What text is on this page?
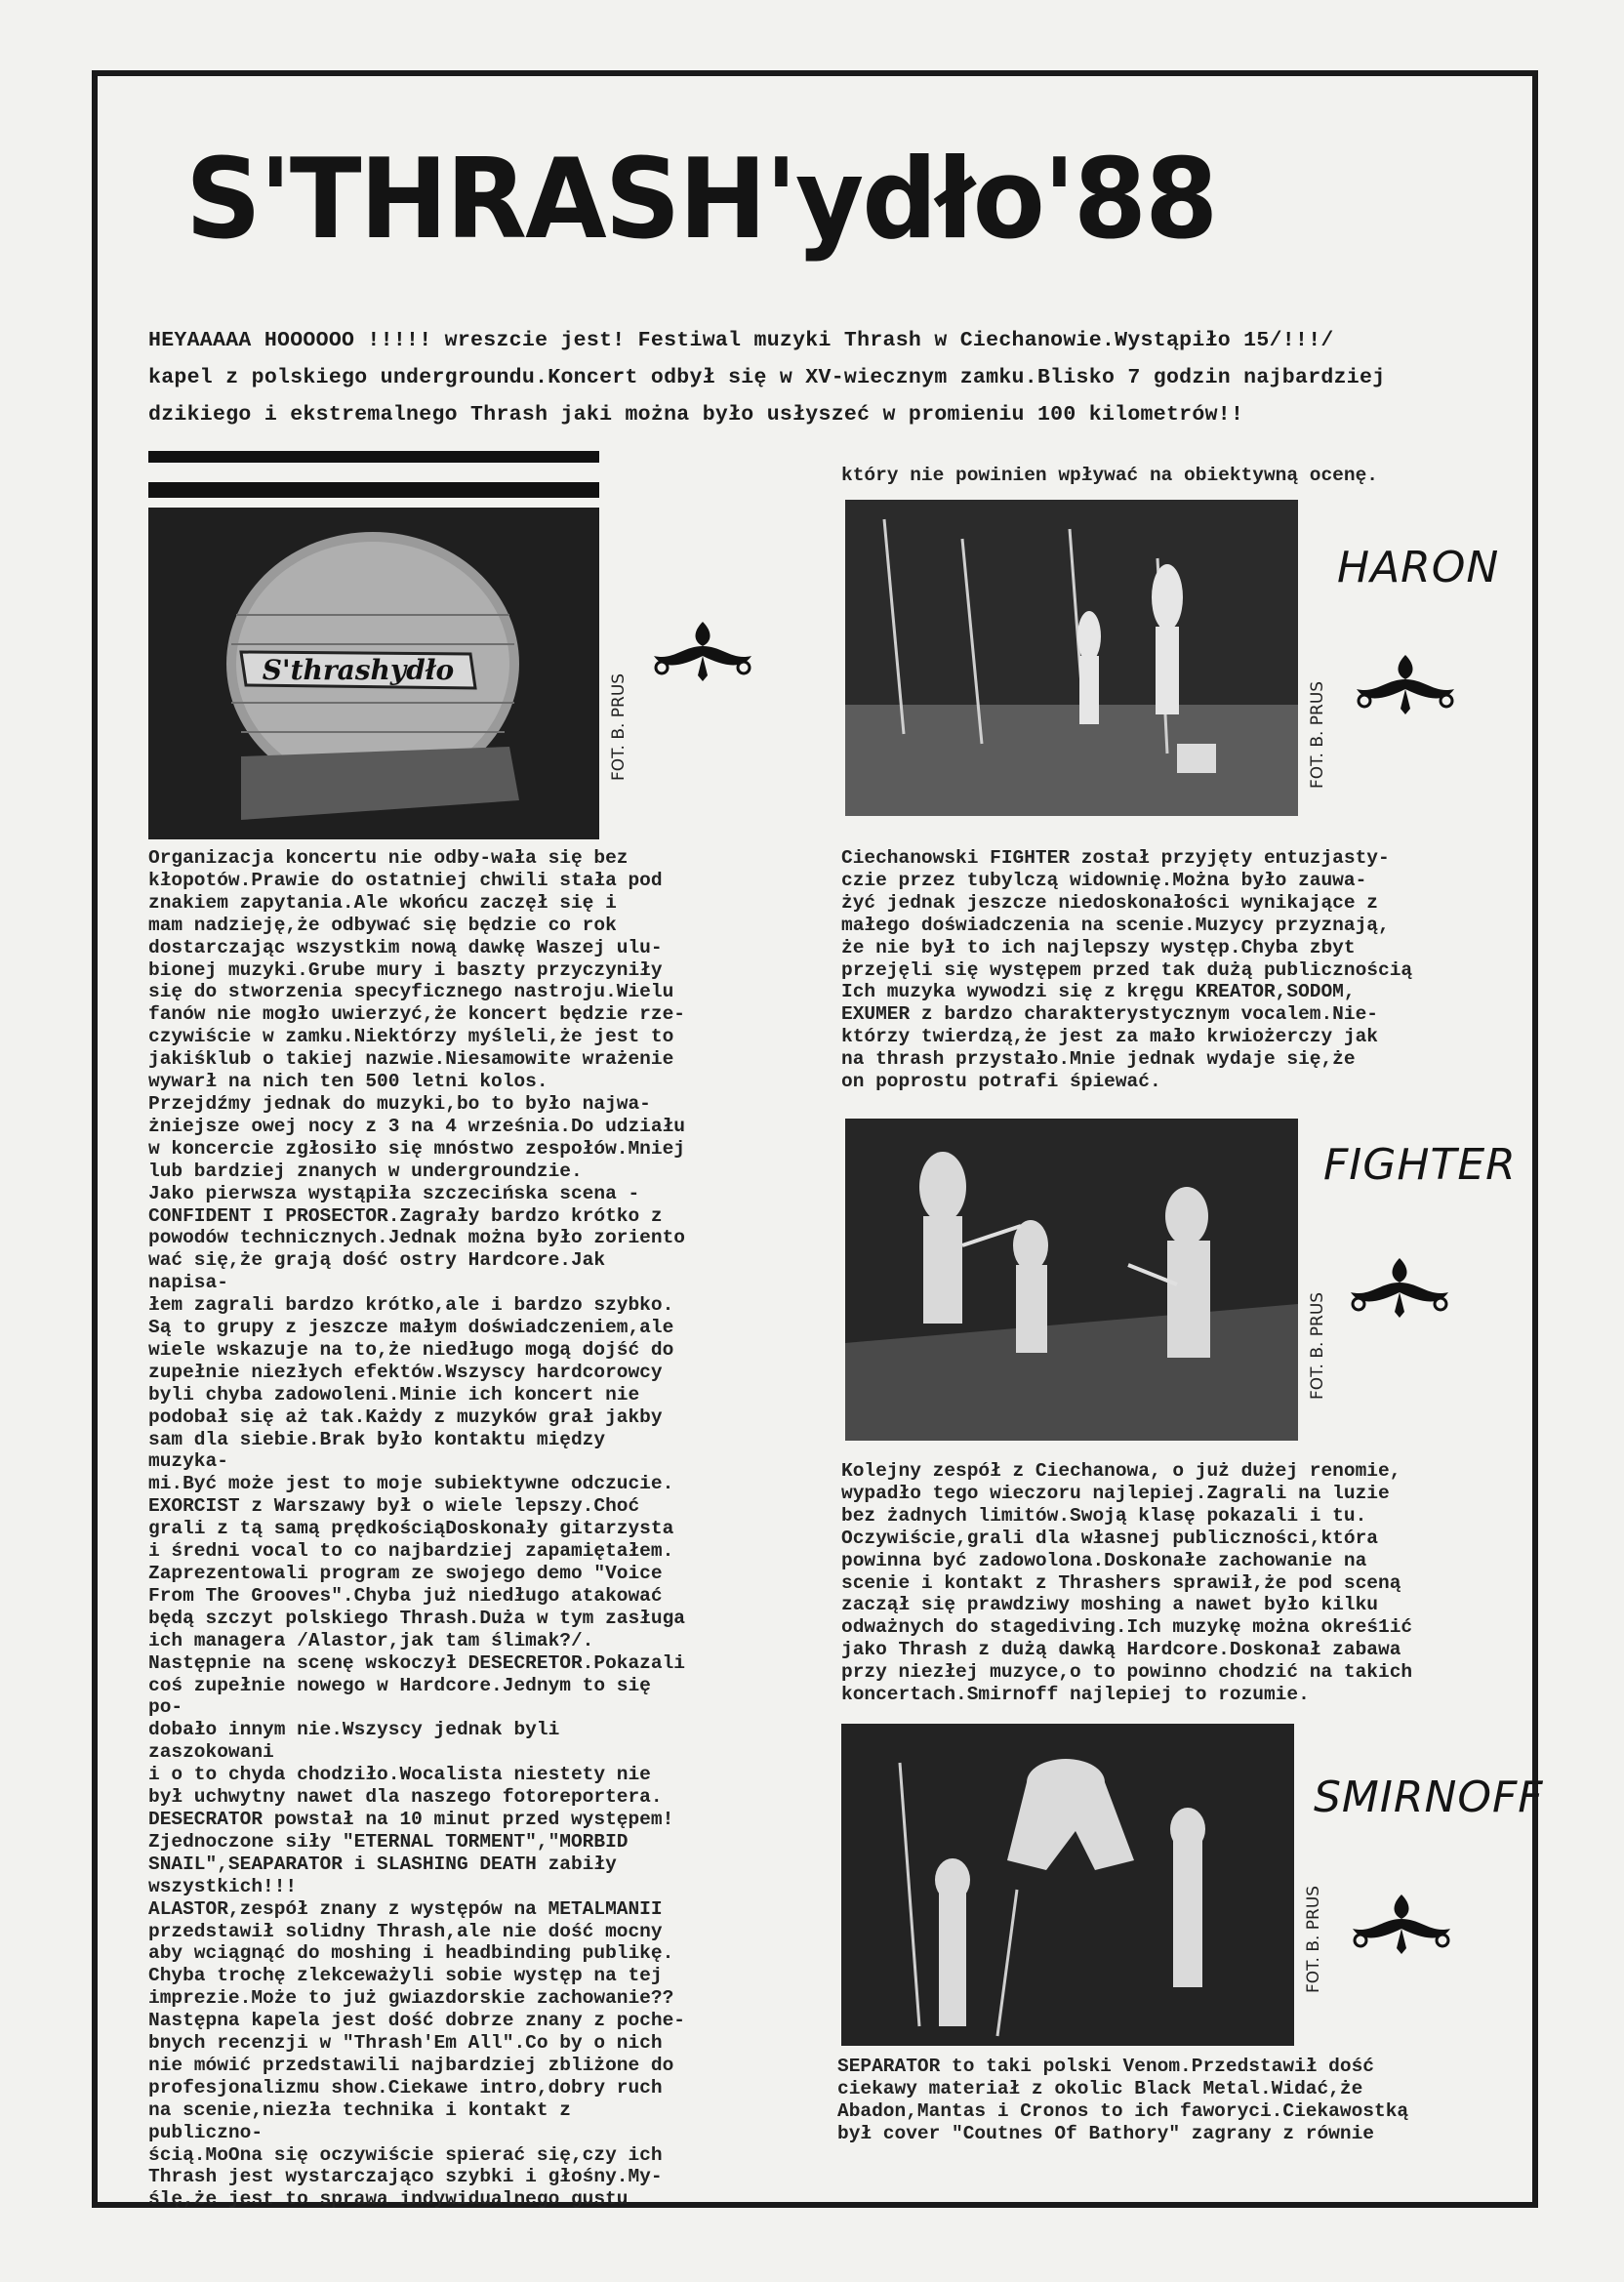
S'THRASH'ydło'88
HEYAAAAA HOOOOOO !!!!! wreszcie jest! Festiwal muzyki Thrash w Ciechanowie.Wystąpiło 15/!!!/
kapel z polskiego undergroundu.Koncert odbył się w XV-wiecznym zamku.Blisko 7 godzin najbardziej
dzikiego i ekstremalnego Thrash jaki można było usłyszeć w promieniu 100 kilometrów!!
S'thrashydło
FOT. B. PRUS
Organizacja koncertu nie odby-wała się bez
kłopotów.Prawie do ostatniej chwili stała pod
znakiem zapytania.Ale wkońcu zaczęł się i
mam nadzieję,że odbywać się będzie co rok
dostarczając wszystkim nową dawkę Waszej ulu-
bionej muzyki.Grube mury i baszty przyczyniły
się do stworzenia specyficznego nastroju.Wielu
fanów nie mogło uwierzyć,że koncert będzie rze-
czywiście w zamku.Niektórzy myśleli,że jest to
jakiśklub o takiej nazwie.Niesamowite wrażenie
wywarł na nich ten 500 letni kolos.
Przejdźmy jednak do muzyki,bo to było najwa-
żniejsze owej nocy z 3 na 4 września.Do udziału
w koncercie zgłosiło się mnóstwo zespołów.Mniej
lub bardziej znanych w undergroundzie.
Jako pierwsza wystąpiła szczecińska scena -
CONFIDENT I PROSECTOR.Zagrały bardzo krótko z
powodów technicznych.Jednak można było zoriento
wać się,że grają dość ostry Hardcore.Jak napisa-
łem zagrali bardzo krótko,ale i bardzo szybko.
Są to grupy z jeszcze małym doświadczeniem,ale
wiele wskazuje na to,że niedługo mogą dojść do
zupełnie niezłych efektów.Wszyscy hardcorowcy
byli chyba zadowoleni.Minie ich koncert nie
podobał się aż tak.Każdy z muzyków grał jakby
sam dla siebie.Brak było kontaktu między muzyka-
mi.Być może jest to moje subiektywne odczucie.
EXORCIST z Warszawy był o wiele lepszy.Choć
grali z tą samą prędkościąDoskonały gitarzysta
i średni vocal to co najbardziej zapamiętałem.
Zaprezentowali program ze swojego demo "Voice
From The Grooves".Chyba już niedługo atakować
będą szczyt polskiego Thrash.Duża w tym zasługa
ich managera /Alastor,jak tam ślimak?/.
Następnie na scenę wskoczył DESECRETOR.Pokazali
coś zupełnie nowego w Hardcore.Jednym to się po-
dobało innym nie.Wszyscy jednak byli zaszokowani
i o to chyda chodziło.Wocalista niestety nie
był uchwytny nawet dla naszego fotoreportera.
DESECRATOR powstał na 10 minut przed występem!
Zjednoczone siły "ETERNAL TORMENT","MORBID
SNAIL",SEAPARATOR i SLASHING DEATH zabiły
wszystkich!!!
ALASTOR,zespół znany z występów na METALMANII
przedstawił solidny Thrash,ale nie dość mocny
aby wciągnąć do moshing i headbinding publikę.
Chyba trochę zlekceważyli sobie występ na tej
imprezie.Może to już gwiazdorskie zachowanie??
Następna kapela jest dość dobrze znany z poche-
bnych recenzji w "Thrash'Em All".Co by o nich
nie mówić przedstawili najbardziej zbliżone do
profesjonalizmu show.Ciekawe intro,dobry ruch
na scenie,niezła technika i kontakt z publiczno-
ścią.MoOna się oczywiście spierać się,czy ich
Thrash jest wystarczająco szybki i głośny.My-
ślę,że jest to sprawa indywidualnego gustu
który nie powinien wpływać na obiektywną ocenę.
FOT. B. PRUS
HARON
Ciechanowski FIGHTER został przyjęty entuzjasty-
czie przez tubylczą widownię.Można było zauwa-
żyć jednak jeszcze niedoskonałości wynikające z
małego doświadczenia na scenie.Muzycy przyznają,
że nie był to ich najlepszy występ.Chyba zbyt
przejęli się występem przed tak dużą publicznością
Ich muzyka wywodzi się z kręgu KREATOR,SODOM,
EXUMER z bardzo charakterystycznym vocalem.Nie-
którzy twierdzą,że jest za mało krwiożerczy jak
na thrash przystało.Mnie jednak wydaje się,że
on poprostu potrafi śpiewać.
FOT. B. PRUS
FIGHTER
Kolejny zespół z Ciechanowa, o już dużej renomie,
wypadło tego wieczoru najlepiej.Zagrali na luzie
bez żadnych limitów.Swoją klasę pokazali i tu.
Oczywiście,grali dla własnej publiczności,która
powinna być zadowolona.Doskonałe zachowanie na
scenie i kontakt z Thrashers sprawił,że pod sceną
zaczął się prawdziwy moshing a nawet było kilku
odważnych do stagediving.Ich muzykę można okreś1ić
jako Thrash z dużą dawką Hardcore.Doskonał zabawa
przy niezłej muzyce,o to powinno chodzić na takich
koncertach.Smirnoff najlepiej to rozumie.
FOT. B. PRUS
SMIRNOFF
SEPARATOR to taki polski Venom.Przedstawił dość
ciekawy materiał z okolic Black Metal.Widać,że
Abadon,Mantas i Cronos to ich faworyci.Ciekawostką
był cover "Coutnes Of Bathory" zagrany z równie
